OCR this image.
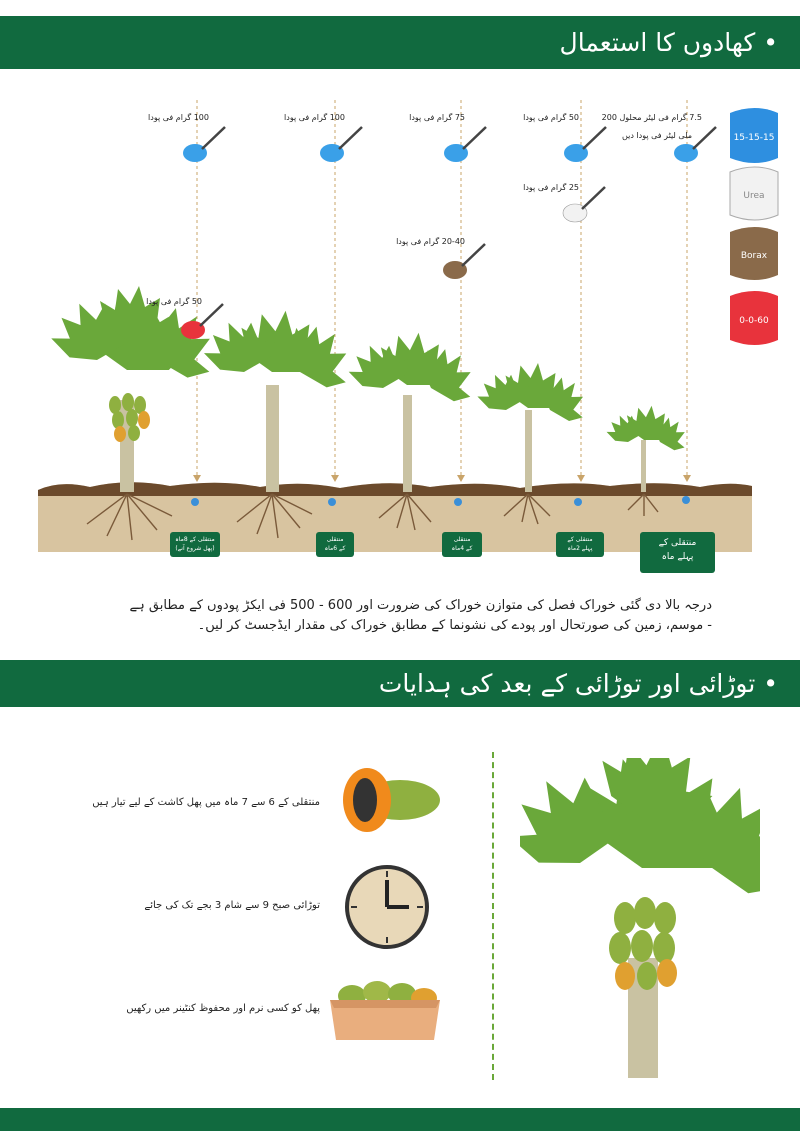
• کھادوں کا استعمال
15-15-15
Urea
Borax
0-0-60
100 گرام فی پودا	100 گرام فی پودا	75 گرام فی پودا	50 گرام فی پودا	7.5 گرام فی لیٹر محلول 200
ملی لیٹر فی پودا دیں
25 گرام فی پودا
20-40 گرام فی پودا
50 گرام فی پودا
منتقلی کے 8ماہ
(پھل شروع آنے)
منتقلی
کے 6ماہ
منتقلی
کے 4ماہ
منتقلی کے
پہلے 2ماہ
منتقلی کے
پہلے ماہ
درجہ بالا دی گئی خوراک فصل کی متوازن خوراک کی ضرورت اور 600 - 500 فی ایکڑ پودوں کے مطابق ہے
- موسم، زمین کی صورتحال اور پودے کی نشونما کے مطابق خوراک کی مقدار ایڈجسٹ کر لیں۔
• توڑائی اور توڑائی کے بعد کی ہدایات
منتقلی کے 6 سے 7 ماہ میں پھل کاشت کے لیے تیار ہیں
توڑائی صبح 9 سے شام 3 بجے تک کی جائے
پھل کو کسی نرم اور محفوظ کنٹینر میں رکھیں
